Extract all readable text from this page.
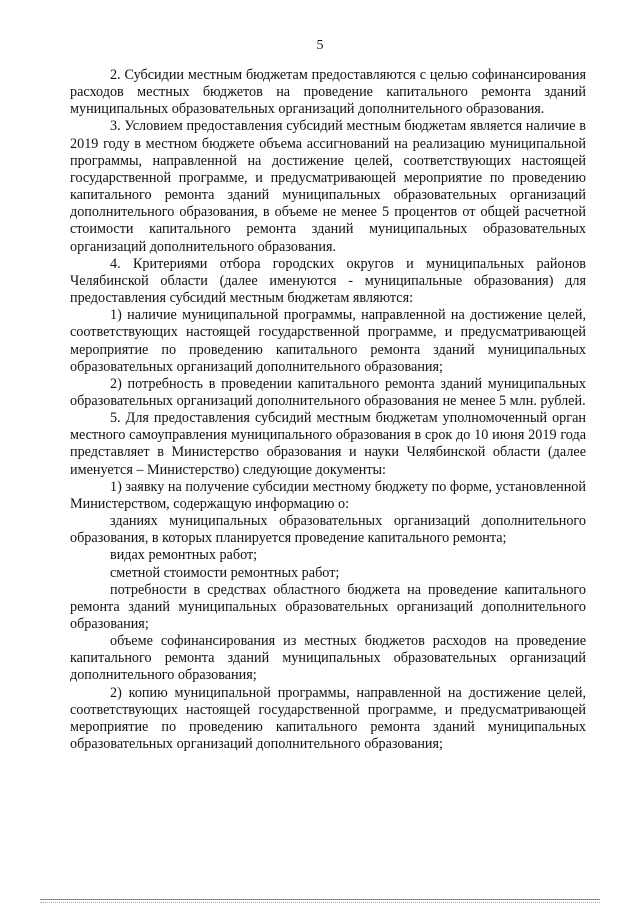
5

2. Субсидии местным бюджетам предоставляются с целью софинансирования расходов местных бюджетов на проведение капитального ремонта зданий муниципальных образовательных организаций дополнительного образования.

3. Условием предоставления субсидий местным бюджетам является наличие в 2019 году в местном бюджете объема ассигнований на реализацию муниципальной программы, направленной на достижение целей, соответствующих настоящей государственной программе, и предусматривающей мероприятие по проведению капитального ремонта зданий муниципальных образовательных организаций дополнительного образования, в объеме не менее 5 процентов от общей расчетной стоимости капитального ремонта зданий муниципальных образовательных организаций дополнительного образования.

4. Критериями отбора городских округов и муниципальных районов Челябинской области (далее именуются - муниципальные образования) для предоставления субсидий местным бюджетам являются:

1) наличие муниципальной программы, направленной на достижение целей, соответствующих настоящей государственной программе, и предусматривающей мероприятие по проведению капитального ремонта зданий муниципальных образовательных организаций дополнительного образования;

2) потребность в проведении капитального ремонта зданий муниципальных образовательных организаций дополнительного образования не менее 5 млн. рублей.

5. Для предоставления субсидий местным бюджетам уполномоченный орган местного самоуправления муниципального образования в срок до 10 июня 2019 года представляет в Министерство образования и науки Челябинской области (далее именуется – Министерство) следующие документы:

1) заявку на получение субсидии местному бюджету по форме, установленной Министерством, содержащую информацию о:

зданиях муниципальных образовательных организаций дополнительного образования, в которых планируется проведение капитального ремонта;

видах ремонтных работ;

сметной стоимости ремонтных работ;

потребности в средствах областного бюджета на проведение капитального ремонта зданий муниципальных образовательных организаций дополнительного образования;

объеме софинансирования из местных бюджетов расходов на проведение капитального ремонта зданий муниципальных образовательных организаций дополнительного образования;

2) копию муниципальной программы, направленной на достижение целей, соответствующих настоящей государственной программе, и предусматривающей мероприятие по проведению капитального ремонта зданий муниципальных образовательных организаций дополнительного образования;
